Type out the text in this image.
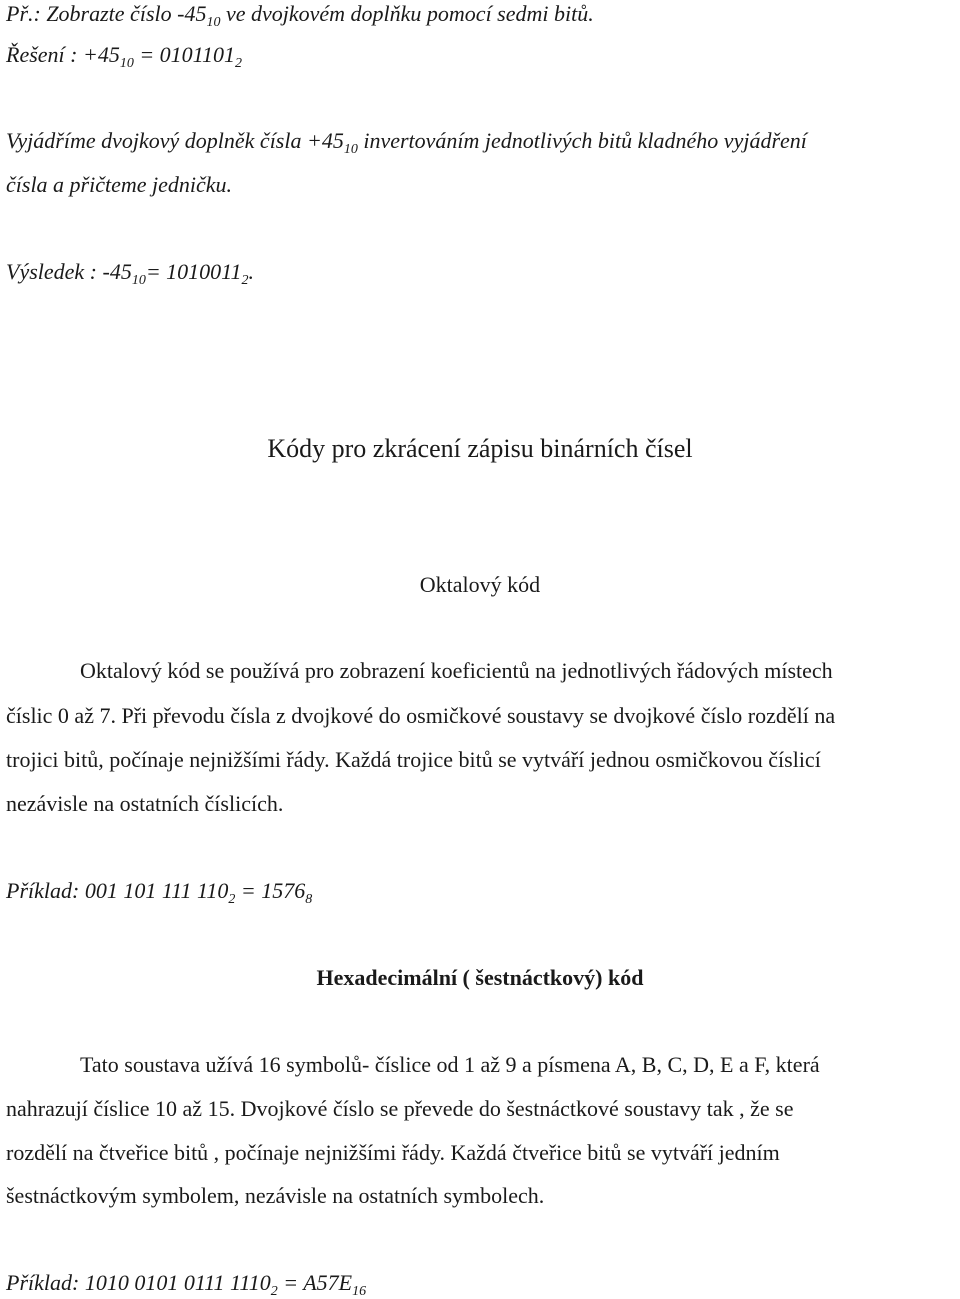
Př.: Zobrazte číslo $-45_{10}$ ve dvojkovém doplňku pomocí sedmi bitů.
Řešení : $+45_{10} = 0101101_2$
Vyjádříme dvojkový doplněk čísla $+45_{10}$ invertováním jednotlivých bitů kladného vyjádření
čísla a přičteme jedničku.
Výsledek : $-45_{10}= 1010011_2$.
Kódy pro zkrácení zápisu binárních čísel
Oktalový kód
Oktalový kód se používá pro zobrazení koeficientů na jednotlivých řádových místech
číslic 0 až 7. Při převodu čísla z dvojkové do osmičkové soustavy se dvojkové číslo rozdělí na
trojici bitů, počínaje nejnižšími řády. Každá trojice bitů se vytváří jednou osmičkovou číslicí
nezávisle na ostatních číslicích.
Příklad: 001 101 111 $110_2 = 1576_8$
Hexadecimální ( šestnáctkový) kód
Tato soustava užívá 16 symbolů- číslice od 1 až 9 a písmena A, B, C, D, E a F, která
nahrazují číslice 10 až 15. Dvojkové číslo se převede do šestnáctkové soustavy tak , že se
rozdělí na čtveřice bitů , počínaje nejnižšími řády. Každá čtveřice bitů se vytváří jedním
šestnáctkovým symbolem, nezávisle na ostatních symbolech.
Příklad: 1010 0101 0111 $1110_2 = A57E_{16}$
